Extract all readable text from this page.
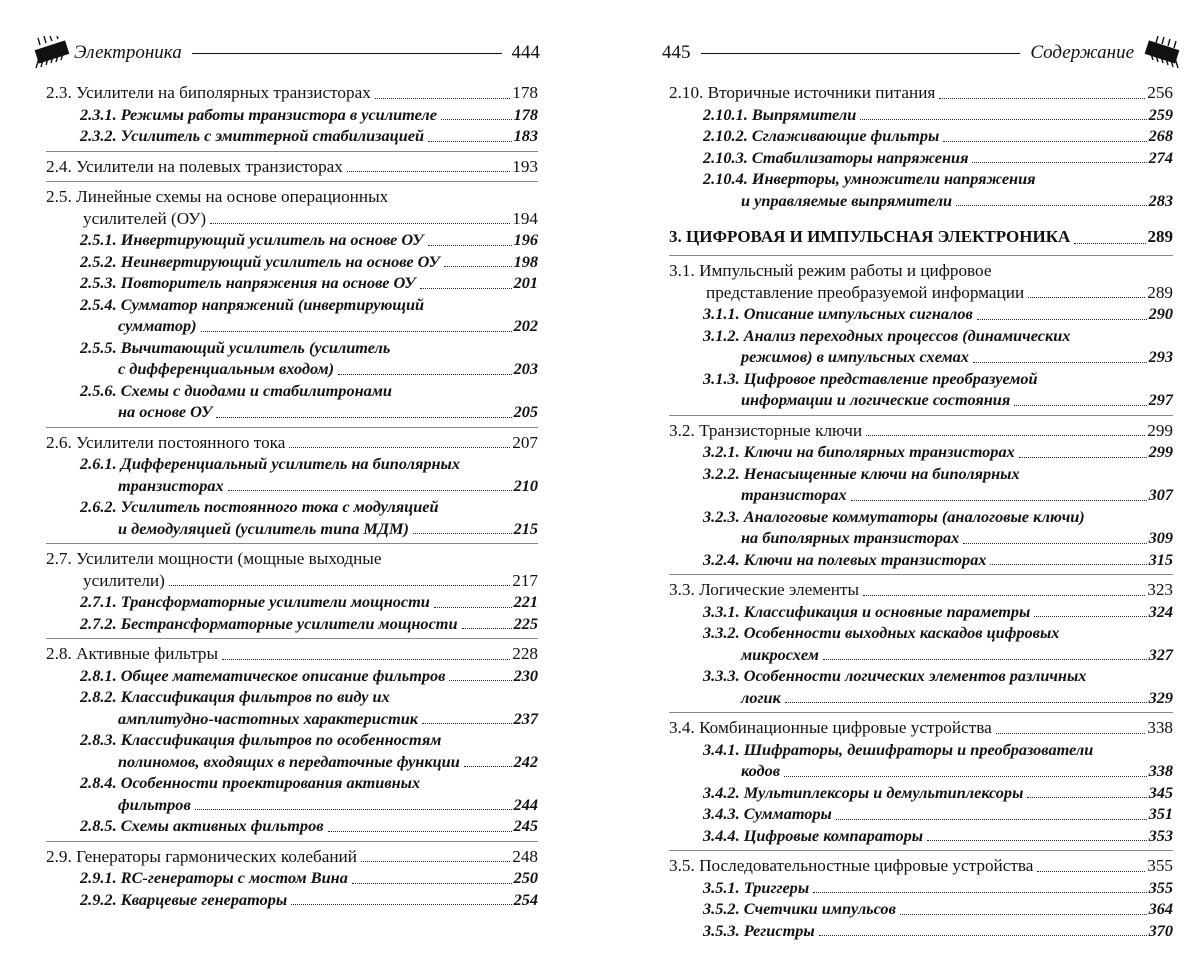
Электроника	444
2.3. Усилители на биполярных транзисторах	178
2.3.1. Режимы работы транзистора в усилителе	178
2.3.2. Усилитель с эмиттерной стабилизацией	183
2.4. Усилители на полевых транзисторах	193
2.5. Линейные схемы на основе операционных
усилителей (ОУ)	194
2.5.1. Инвертирующий усилитель на основе ОУ	196
2.5.2. Неинвертирующий усилитель на основе ОУ	198
2.5.3. Повторитель напряжения на основе ОУ	201
2.5.4. Сумматор напряжений (инвертирующий
сумматор)	202
2.5.5. Вычитающий усилитель (усилитель
с дифференциальным входом)	203
2.5.6. Схемы с диодами и стабилитронами
на основе ОУ	205
2.6. Усилители постоянного тока	207
2.6.1. Дифференциальный усилитель на биполярных
транзисторах	210
2.6.2. Усилитель постоянного тока с модуляцией
и демодуляцией (усилитель типа МДМ)	215
2.7. Усилители мощности (мощные выходные
усилители)	217
2.7.1. Трансформаторные усилители мощности	221
2.7.2. Бестрансформаторные усилители мощности	225
2.8. Активные фильтры	228
2.8.1. Общее математическое описание фильтров	230
2.8.2. Классификация фильтров по виду их
амплитудно-частотных характеристик	237
2.8.3. Классификация фильтров по особенностям
полиномов, входящих в передаточные функции	242
2.8.4. Особенности проектирования активных
фильтров	244
2.8.5. Схемы активных фильтров	245
2.9. Генераторы гармонических колебаний	248
2.9.1. RC-генераторы с мостом Вина	250
2.9.2. Кварцевые генераторы	254
445	Содержание
2.10. Вторичные источники питания	256
2.10.1. Выпрямители	259
2.10.2. Сглаживающие фильтры	268
2.10.3. Стабилизаторы напряжения	274
2.10.4. Инверторы, умножители напряжения
и управляемые выпрямители	283
3. ЦИФРОВАЯ И ИМПУЛЬСНАЯ ЭЛЕКТРОНИКА	289
3.1. Импульсный режим работы и цифровое
представление преобразуемой информации	289
3.1.1. Описание импульсных сигналов	290
3.1.2. Анализ переходных процессов (динамических
режимов) в импульсных схемах	293
3.1.3. Цифровое представление преобразуемой
информации и логические состояния	297
3.2. Транзисторные ключи	299
3.2.1. Ключи на биполярных транзисторах	299
3.2.2. Ненасыщенные ключи на биполярных
транзисторах	307
3.2.3. Аналоговые коммутаторы (аналоговые ключи)
на биполярных транзисторах	309
3.2.4. Ключи на полевых транзисторах	315
3.3. Логические элементы	323
3.3.1. Классификация и основные параметры	324
3.3.2. Особенности выходных каскадов цифровых
микросхем	327
3.3.3. Особенности логических элементов различных
логик	329
3.4. Комбинационные цифровые устройства	338
3.4.1. Шифраторы, дешифраторы и преобразователи
кодов	338
3.4.2. Мультиплексоры и демультиплексоры	345
3.4.3. Сумматоры	351
3.4.4. Цифровые компараторы	353
3.5. Последовательностные цифровые устройства	355
3.5.1. Триггеры	355
3.5.2. Счетчики импульсов	364
3.5.3. Регистры	370
